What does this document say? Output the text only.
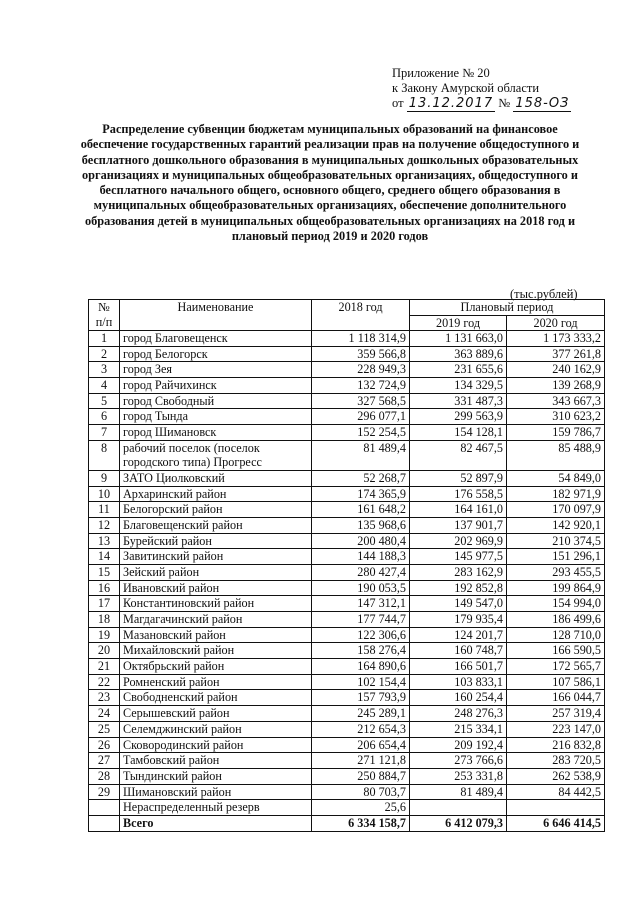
Приложение № 20
к Закону Амурской области
от 13.12.2017 № 158-ОЗ
Распределение субвенции бюджетам муниципальных образований на финансовое обеспечение государственных гарантий реализации прав на получение общедоступного и бесплатного дошкольного образования в муниципальных дошкольных образовательных организациях и муниципальных общеобразовательных организациях, общедоступного и бесплатного начального общего, основного общего, среднего общего образования в муниципальных общеобразовательных организациях, обеспечение дополнительного образования детей в муниципальных общеобразовательных организациях на 2018 год и плановый период 2019 и 2020 годов
(тыс.рублей)
№ п/п	Наименование	2018 год	Плановый период	
			2019 год	2020 год
1	город Благовещенск	1 118 314,9	1 131 663,0	1 173 333,2
2	город Белогорск	359 566,8	363 889,6	377 261,8
3	город Зея	228 949,3	231 655,6	240 162,9
4	город Райчихинск	132 724,9	134 329,5	139 268,9
5	город Свободный	327 568,5	331 487,3	343 667,3
6	город Тында	296 077,1	299 563,9	310 623,2
7	город Шимановск	152 254,5	154 128,1	159 786,7
8	рабочий поселок (поселок городского типа) Прогресс	81 489,4	82 467,5	85 488,9
9	ЗАТО Циолковский	52 268,7	52 897,9	54 849,0
10	Архаринский район	174 365,9	176 558,5	182 971,9
11	Белогорский район	161 648,2	164 161,0	170 097,9
12	Благовещенский район	135 968,6	137 901,7	142 920,1
13	Бурейский район	200 480,4	202 969,9	210 374,5
14	Завитинский район	144 188,3	145 977,5	151 296,1
15	Зейский район	280 427,4	283 162,9	293 455,5
16	Ивановский район	190 053,5	192 852,8	199 864,9
17	Константиновский район	147 312,1	149 547,0	154 994,0
18	Магдагачинский район	177 744,7	179 935,4	186 499,6
19	Мазановский район	122 306,6	124 201,7	128 710,0
20	Михайловский район	158 276,4	160 748,7	166 590,5
21	Октябрьский район	164 890,6	166 501,7	172 565,7
22	Ромненский район	102 154,4	103 833,1	107 586,1
23	Свободненский район	157 793,9	160 254,4	166 044,7
24	Серышевский район	245 289,1	248 276,3	257 319,4
25	Селемджинский район	212 654,3	215 334,1	223 147,0
26	Сковородинский район	206 654,4	209 192,4	216 832,8
27	Тамбовский район	271 121,8	273 766,6	283 720,5
28	Тындинский район	250 884,7	253 331,8	262 538,9
29	Шимановский район	80 703,7	81 489,4	84 442,5
	Нераспределенный резерв	25,6		
	Всего	6 334 158,7	6 412 079,3	6 646 414,5
